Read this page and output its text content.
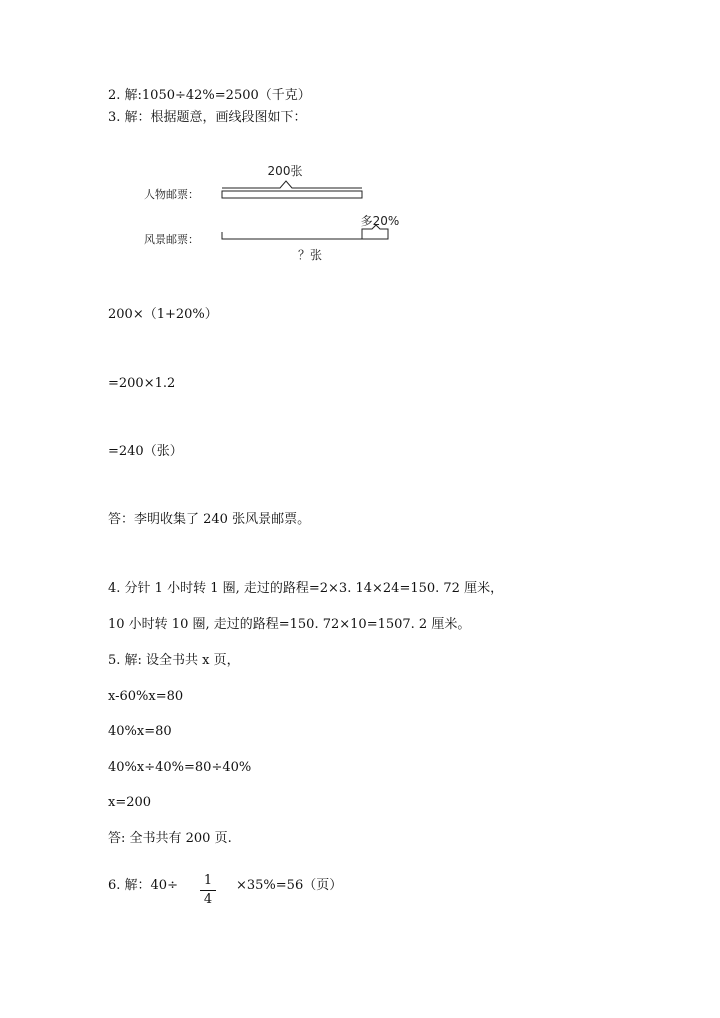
2. 解:1050÷42%=2500（千克）
3. 解：根据题意，画线段图如下：
200张
人物邮票：
多20%
风景邮票：
？张
200×（1+20%）
=200×1.2
=240（张）
答：李明收集了 240 张风景邮票。
4. 分针 1 小时转 1 圈, 走过的路程=2×3. 14×24=150. 72 厘米，
10 小时转 10 圈, 走过的路程=150. 72×10=1507. 2 厘米。
5. 解: 设全书共 x 页，
x-60%x=80
40%x=80
40%x÷40%=80÷40%
x=200
答: 全书共有 200 页.
6. 解：40÷ 1
4
×35%=56（页）
